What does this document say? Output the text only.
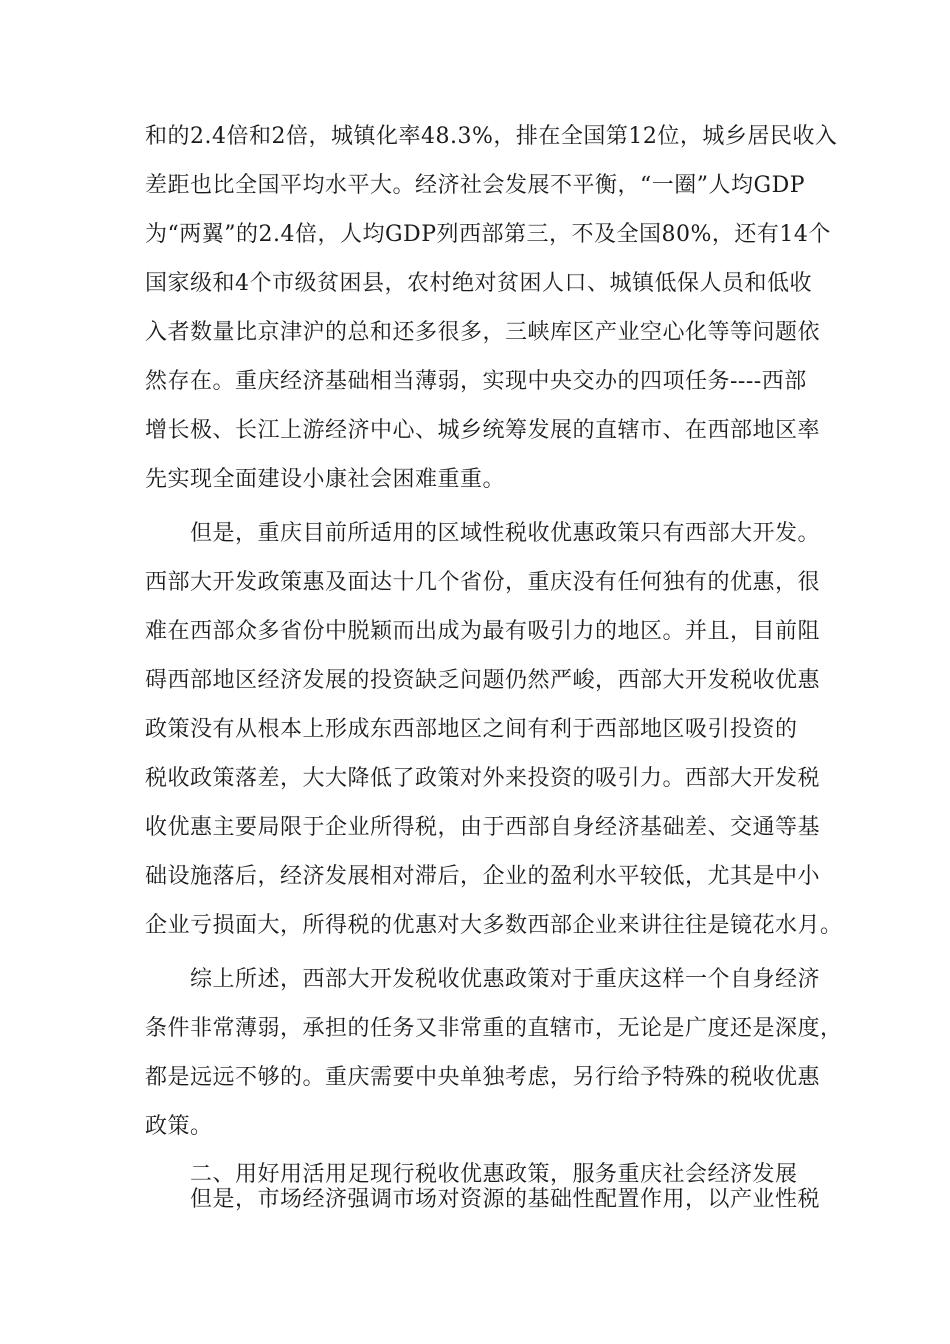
和的2.4倍和2倍，城镇化率48.3%，排在全国第12位，城乡居民收入
差距也比全国平均水平大。经济社会发展不平衡，“一圈”人均GDP
为“两翼”的2.4倍，人均GDP列西部第三，不及全国80%，还有14个
国家级和4个市级贫困县，农村绝对贫困人口、城镇低保人员和低收
入者数量比京津沪的总和还多很多，三峡库区产业空心化等等问题依
然存在。重庆经济基础相当薄弱，实现中央交办的四项任务----西部
增长极、长江上游经济中心、城乡统筹发展的直辖市、在西部地区率
先实现全面建设小康社会困难重重。
但是，重庆目前所适用的区域性税收优惠政策只有西部大开发。
西部大开发政策惠及面达十几个省份，重庆没有任何独有的优惠，很
难在西部众多省份中脱颖而出成为最有吸引力的地区。并且，目前阻
碍西部地区经济发展的投资缺乏问题仍然严峻，西部大开发税收优惠
政策没有从根本上形成东西部地区之间有利于西部地区吸引投资的
税收政策落差，大大降低了政策对外来投资的吸引力。西部大开发税
收优惠主要局限于企业所得税，由于西部自身经济基础差、交通等基
础设施落后，经济发展相对滞后，企业的盈利水平较低，尤其是中小
企业亏损面大，所得税的优惠对大多数西部企业来讲往往是镜花水月。
综上所述，西部大开发税收优惠政策对于重庆这样一个自身经济
条件非常薄弱，承担的任务又非常重的直辖市，无论是广度还是深度，
都是远远不够的。重庆需要中央单独考虑，另行给予特殊的税收优惠
政策。
二、用好用活用足现行税收优惠政策，服务重庆社会经济发展
但是，市场经济强调市场对资源的基础性配置作用，以产业性税
